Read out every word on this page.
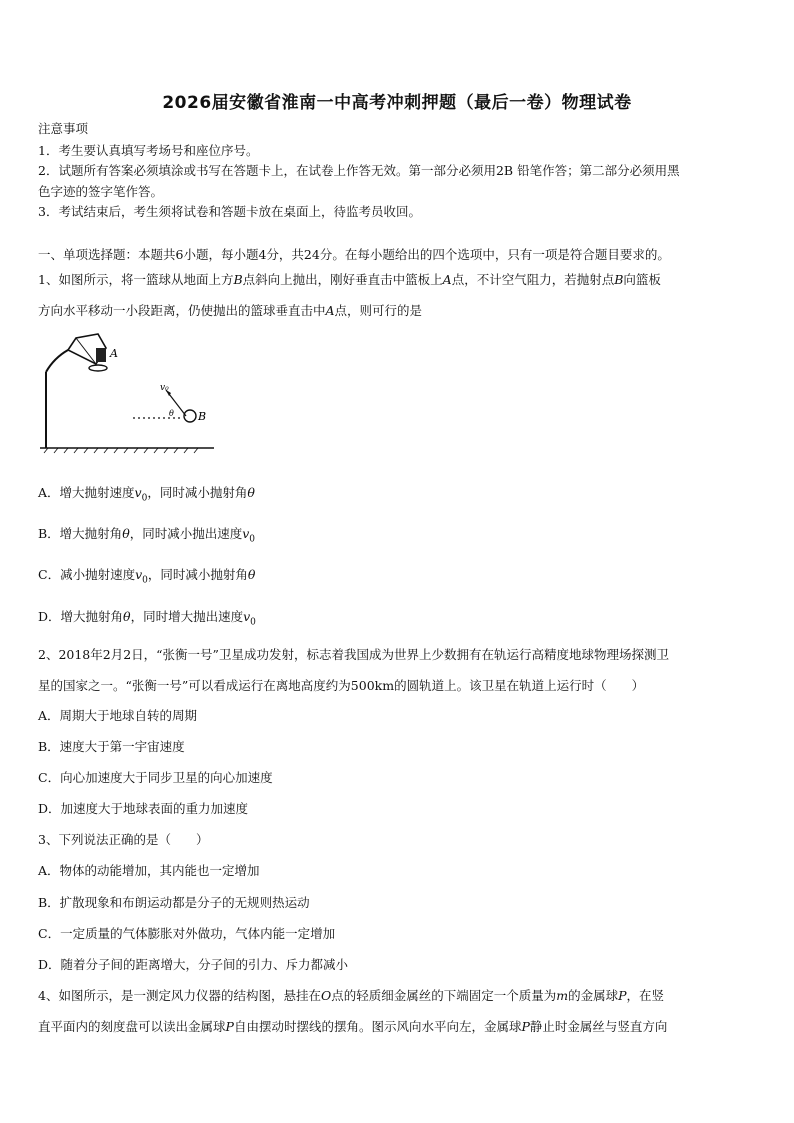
2026届安徽省淮南一中高考冲刺押题（最后一卷）物理试卷
注意事项
1．考生要认真填写考场号和座位序号。
2．试题所有答案必须填涂或书写在答题卡上，在试卷上作答无效。第一部分必须用2B 铅笔作答；第二部分必须用黑
色字迹的签字笔作答。
3．考试结束后，考生须将试卷和答题卡放在桌面上，待监考员收回。
一、单项选择题：本题共6小题，每小题4分，共24分。在每小题给出的四个选项中，只有一项是符合题目要求的。
1、如图所示，将一篮球从地面上方B点斜向上抛出，刚好垂直击中篮板上A点，不计空气阻力，若抛射点B向篮板
方向水平移动一小段距离，仍使抛出的篮球垂直击中A点，则可行的是
A
v₀
θ B
A．增大抛射速度$v_0$，同时减小抛射角θ
B．增大抛射角θ，同时减小抛出速度$v_0$
C．减小抛射速度$v_0$，同时减小抛射角θ
D．增大抛射角θ，同时增大抛出速度$v_0$
2、2018年2月2日，“张衡一号”卫星成功发射，标志着我国成为世界上少数拥有在轨运行高精度地球物理场探测卫
星的国家之一。“张衡一号”可以看成运行在离地高度约为500km的圆轨道上。该卫星在轨道上运行时（　　）
A．周期大于地球自转的周期
B．速度大于第一宇宙速度
C．向心加速度大于同步卫星的向心加速度
D．加速度大于地球表面的重力加速度
3、下列说法正确的是（　　）
A．物体的动能增加，其内能也一定增加
B．扩散现象和布朗运动都是分子的无规则热运动
C．一定质量的气体膨胀对外做功，气体内能一定增加
D．随着分子间的距离增大，分子间的引力、斥力都减小
4、如图所示，是一测定风力仪器的结构图，悬挂在O点的轻质细金属丝的下端固定一个质量为m的金属球P，在竖
直平面内的刻度盘可以读出金属球P自由摆动时摆线的摆角。图示风向水平向左，金属球P静止时金属丝与竖直方向
